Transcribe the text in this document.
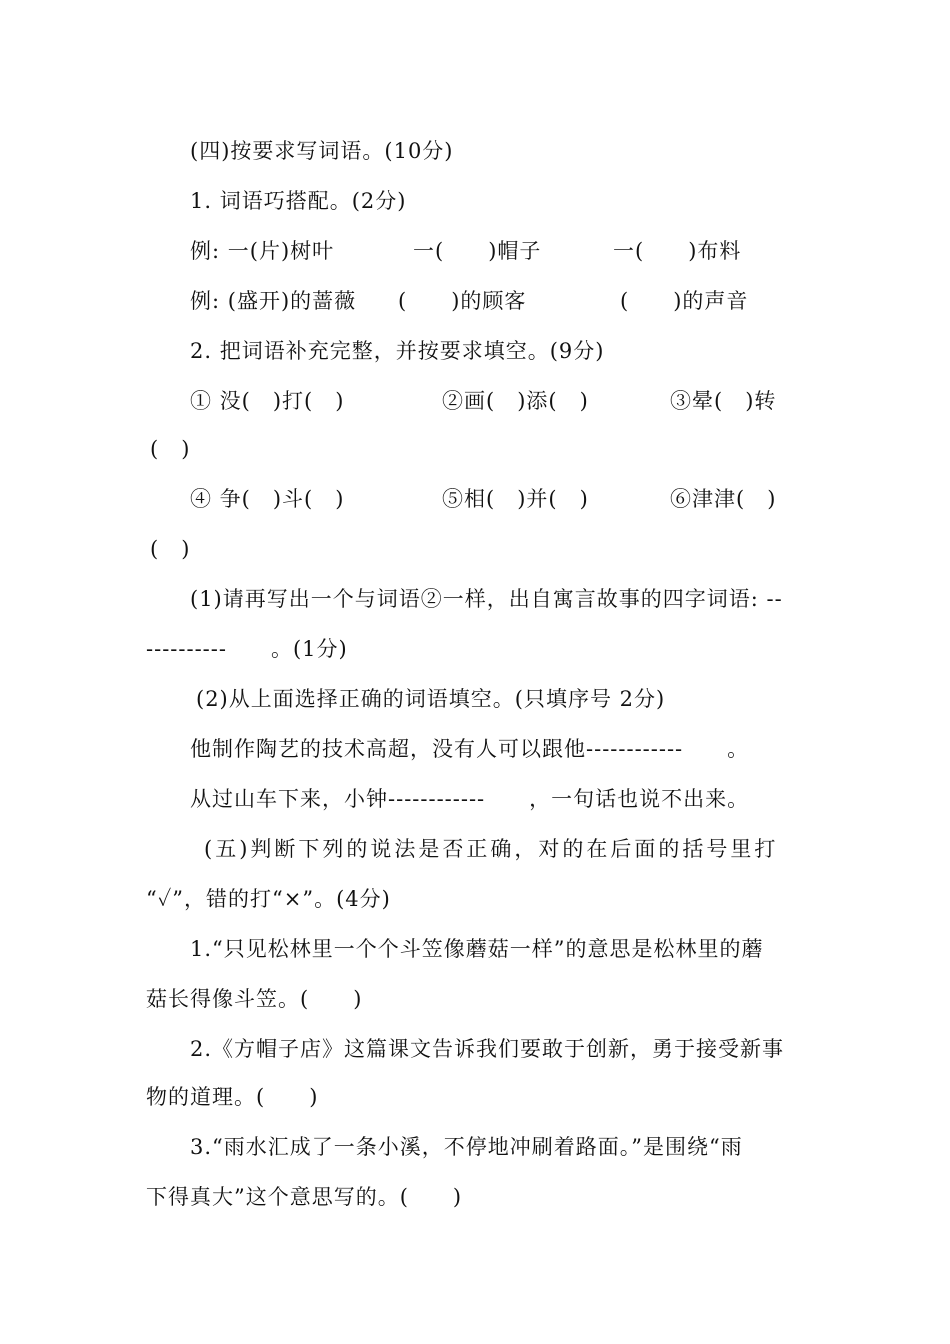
(四)按要求写词语。(10分)
1. 词语巧搭配。(2分)
例: 一(片)树叶	一(　　)帽子	一(　　)布料
例: (盛开)的蔷薇 (　　)的顾客	(　　)的声音
2. 把词语补充完整，并按要求填空。(9分)
① 没(　)打(　)	②画(　)添(　)	③晕(　)转
(　)
④ 争(　)斗(　)	⑤相(　)并(　)	⑥津津(　)
(　)
(1)请再写出一个与词语②一样，出自寓言故事的四字词语: --
----------　　。(1分)
(2)从上面选择正确的词语填空。(只填序号 2分)
他制作陶艺的技术高超，没有人可以跟他------------　　。
从过山车下来，小钟------------　　，一句话也说不出来。
(五)判断下列的说法是否正确，对的在后面的括号里打
“✓”，错的打“×”。(4分)
1.“只见松林里一个个斗笠像蘑菇一样”的意思是松林里的蘑
菇长得像斗笠。(　　)
2.《方帽子店》这篇课文告诉我们要敢于创新，勇于接受新事
物的道理。(　　)
3.“雨水汇成了一条小溪，不停地冲刷着路面。”是围绕“雨
下得真大”这个意思写的。(　　)
